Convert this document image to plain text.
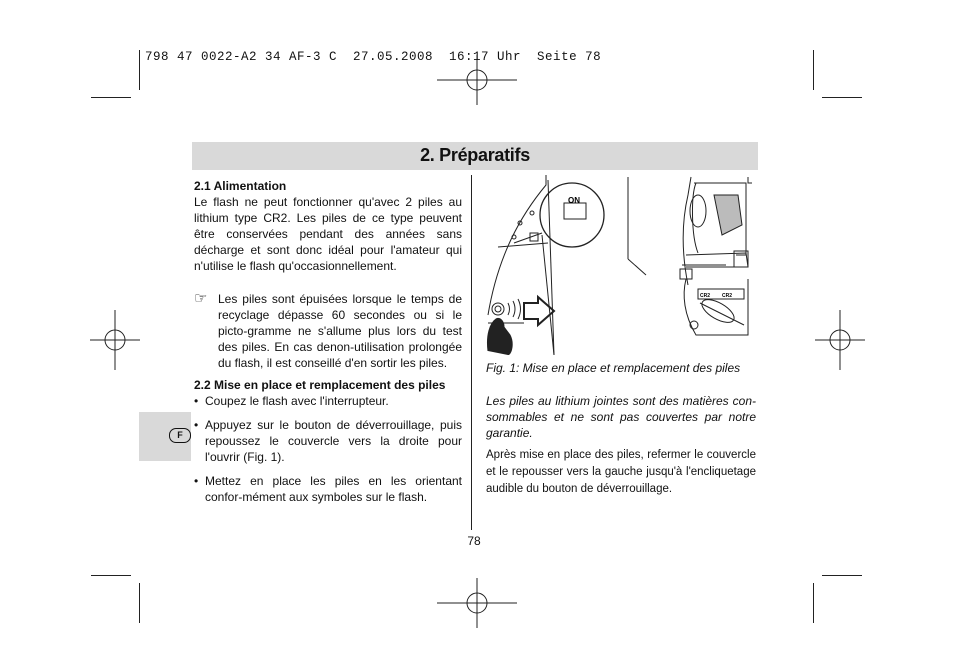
798 47 0022-A2 34 AF-3 C  27.05.2008  16:17 Uhr  Seite 78
2. Préparatifs
F

2.1 Alimentation

Le flash ne peut fonctionner qu'avec 2 piles au lithium type CR2. Les piles de ce type peuvent être conservées pendant des années sans décharge et sont donc idéal pour l'amateur qui n'utilise le flash qu'occasionnellement.

☞ Les piles sont épuisées lorsque le temps de recyclage dépasse 60 secondes ou si le picto-gramme ne s'allume plus lors du test des piles. En cas denon-utilisation prolongée du flash, il est conseillé d'en sortir les piles.

2.2 Mise en place et remplacement des piles

• Coupez le flash avec l'interrupteur.
• Appuyez sur le bouton de déverrouillage, puis repoussez le couvercle vers la droite pour l'ouvrir (Fig. 1).
• Mettez en place les piles en les orientant confor-mément aux symboles sur le flash.
ON
CR2 CR2

Fig. 1: Mise en place et remplacement des piles

Les piles au lithium jointes sont des matières con-sommables et ne sont pas couvertes par notre garantie.

Après mise en place des piles, refermer le couvercle et le repousser vers la gauche jusqu'à l'encliquetage audible du bouton de déverrouillage.

78
